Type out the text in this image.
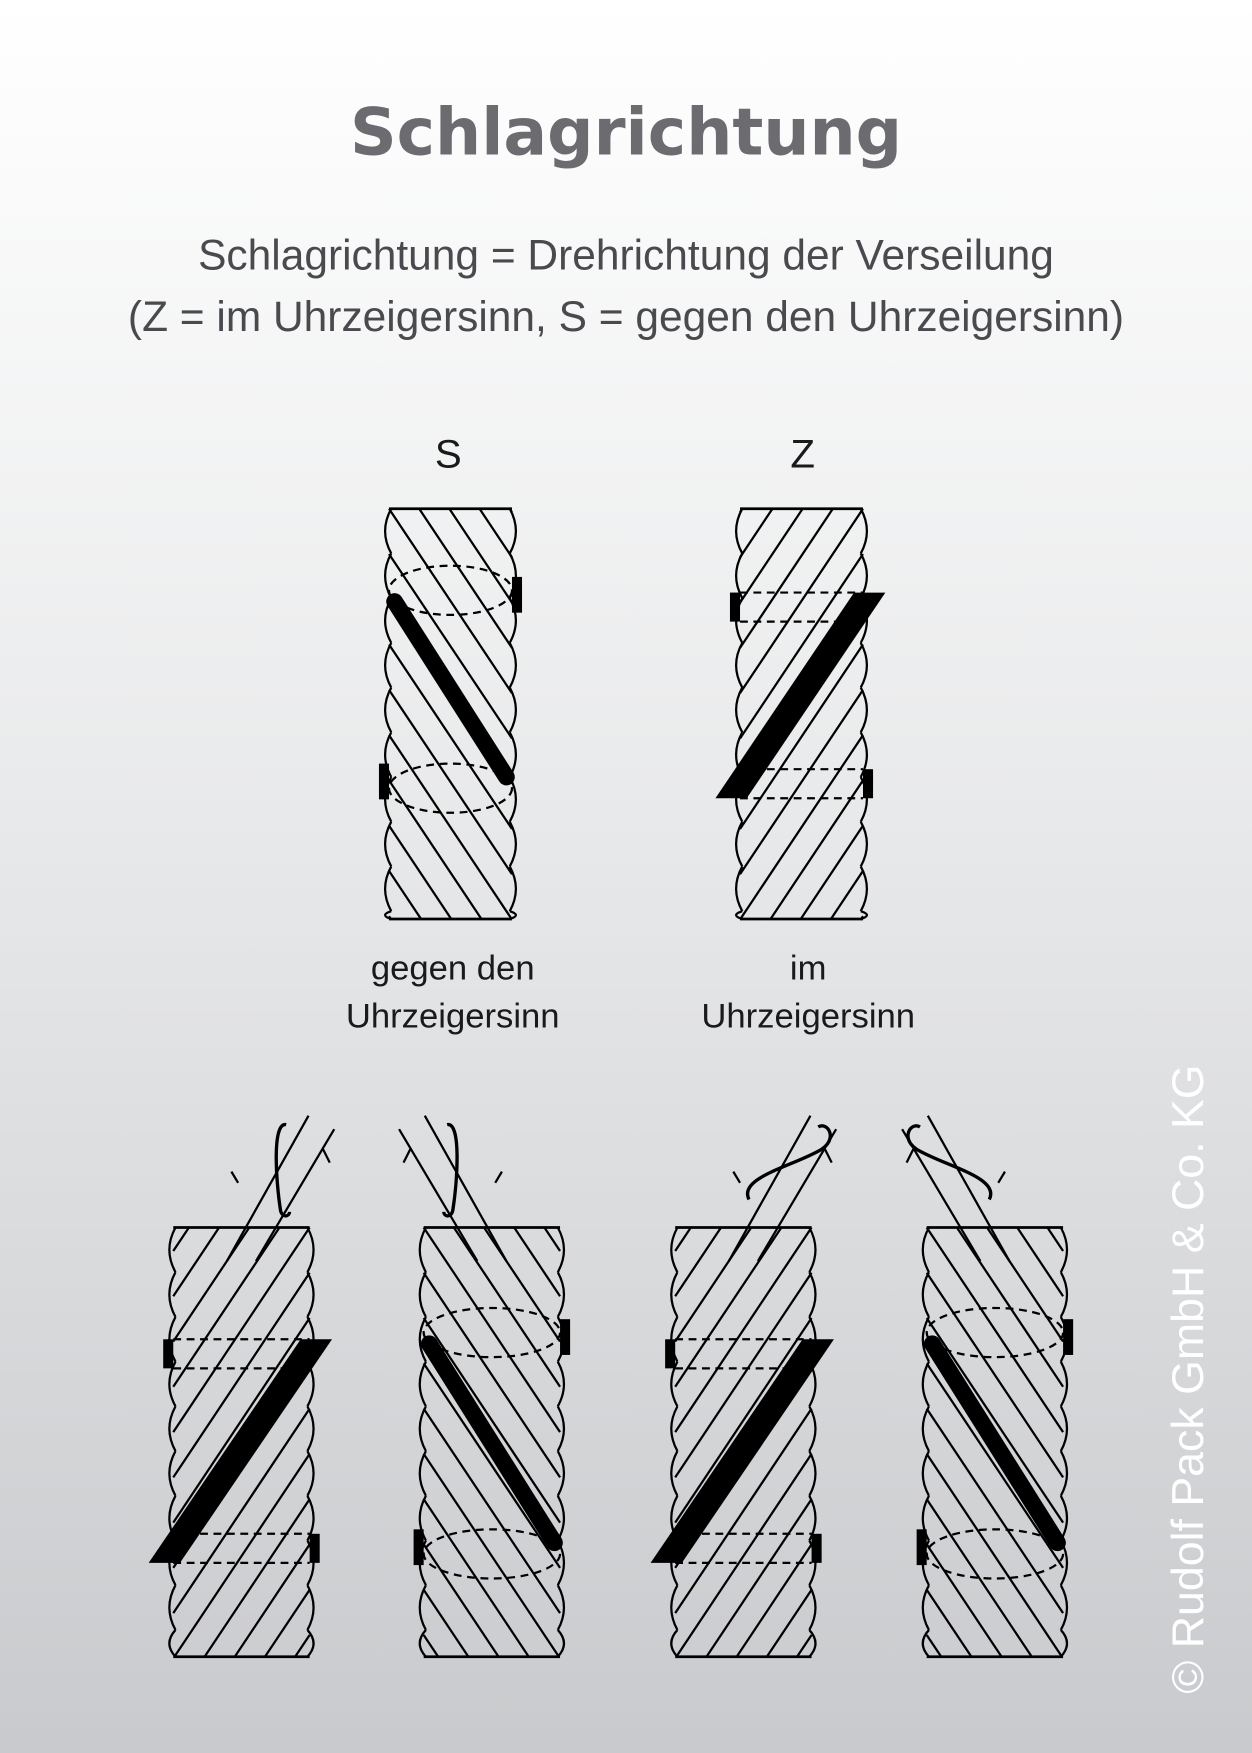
Schlagrichtung
Schlagrichtung = Drehrichtung der Verseilung
(Z = im Uhrzeigersinn, S = gegen den Uhrzeigersinn)
S	Z
gegen den
Uhrzeigersinn
im
Uhrzeigersinn
© Rudolf Pack GmbH & Co. KG
